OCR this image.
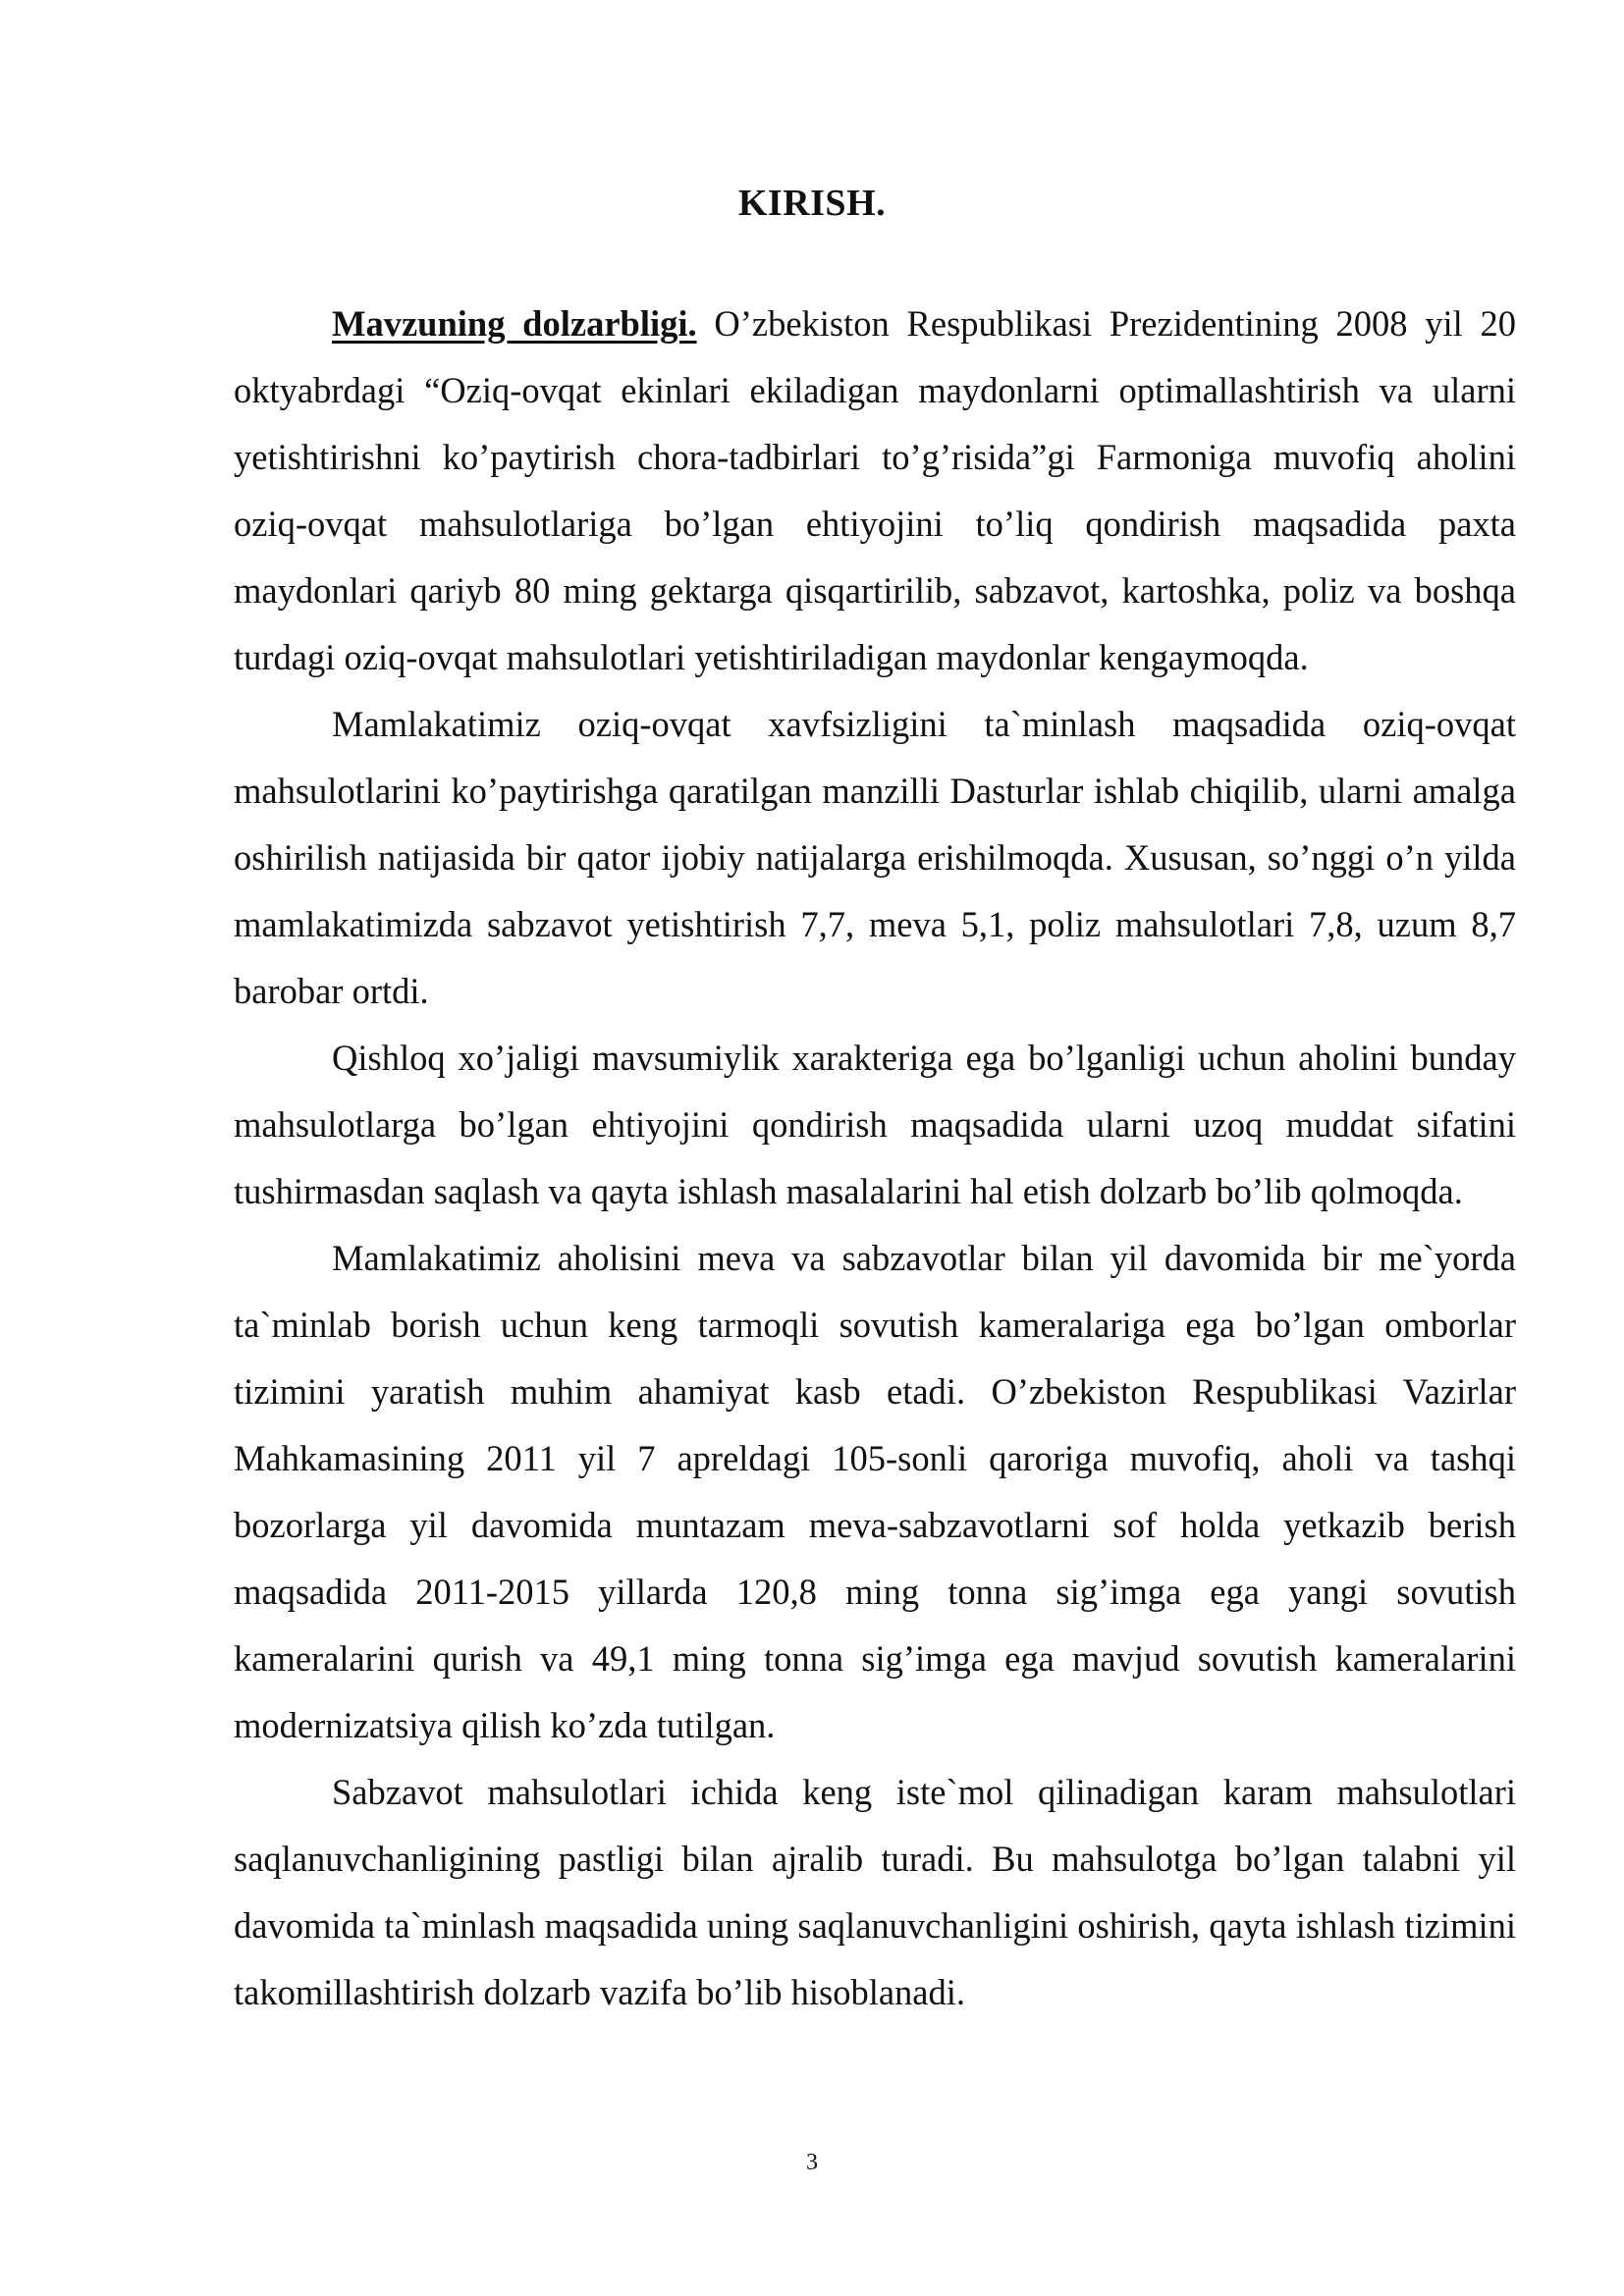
KIRISH.

Mavzuning dolzarbligi. O’zbekiston Respublikasi Prezidentining 2008 yil 20 oktyabrdagi “Oziq-ovqat ekinlari ekiladigan maydonlarni optimallashtirish va ularni yetishtirishni ko’paytirish chora-tadbirlari to’g’risida”gi Farmoniga muvofiq aholini oziq-ovqat mahsulotlariga bo’lgan ehtiyojini to’liq qondirish maqsadida paxta maydonlari qariyb 80 ming gektarga qisqartirilib, sabzavot, kartoshka, poliz va boshqa turdagi oziq-ovqat mahsulotlari yetishtiriladigan maydonlar kengaymoqda.

Mamlakatimiz oziq-ovqat xavfsizligini ta`minlash maqsadida oziq-ovqat mahsulotlarini ko’paytirishga qaratilgan manzilli Dasturlar ishlab chiqilib, ularni amalga oshirilish natijasida bir qator ijobiy natijalarga erishilmoqda. Xususan, so’nggi o’n yilda mamlakatimizda sabzavot yetishtirish 7,7, meva 5,1, poliz mahsulotlari 7,8, uzum 8,7 barobar ortdi.

Qishloq xo’jaligi mavsumiylik xarakteriga ega bo’lganligi uchun aholini bunday mahsulotlarga bo’lgan ehtiyojini qondirish maqsadida ularni uzoq muddat sifatini tushirmasdan saqlash va qayta ishlash masalalarini hal etish dolzarb bo’lib qolmoqda.

Mamlakatimiz aholisini meva va sabzavotlar bilan yil davomida bir me`yorda ta`minlab borish uchun keng tarmoqli sovutish kameralariga ega bo’lgan omborlar tizimini yaratish muhim ahamiyat kasb etadi. O’zbekiston Respublikasi Vazirlar Mahkamasining 2011 yil 7 apreldagi 105-sonli qaroriga muvofiq, aholi va tashqi bozorlarga yil davomida muntazam meva-sabzavotlarni sof holda yetkazib berish maqsadida 2011-2015 yillarda 120,8 ming tonna sig’imga ega yangi sovutish kameralarini qurish va 49,1 ming tonna sig’imga ega mavjud sovutish kameralarini modernizatsiya qilish ko’zda tutilgan.

Sabzavot mahsulotlari ichida keng iste`mol qilinadigan karam mahsulotlari saqlanuvchanligining pastligi bilan ajralib turadi. Bu mahsulotga bo’lgan talabni yil davomida ta`minlash maqsadida uning saqlanuvchanligini oshirish, qayta ishlash tizimini takomillashtirish dolzarb vazifa bo’lib hisoblanadi.

3
